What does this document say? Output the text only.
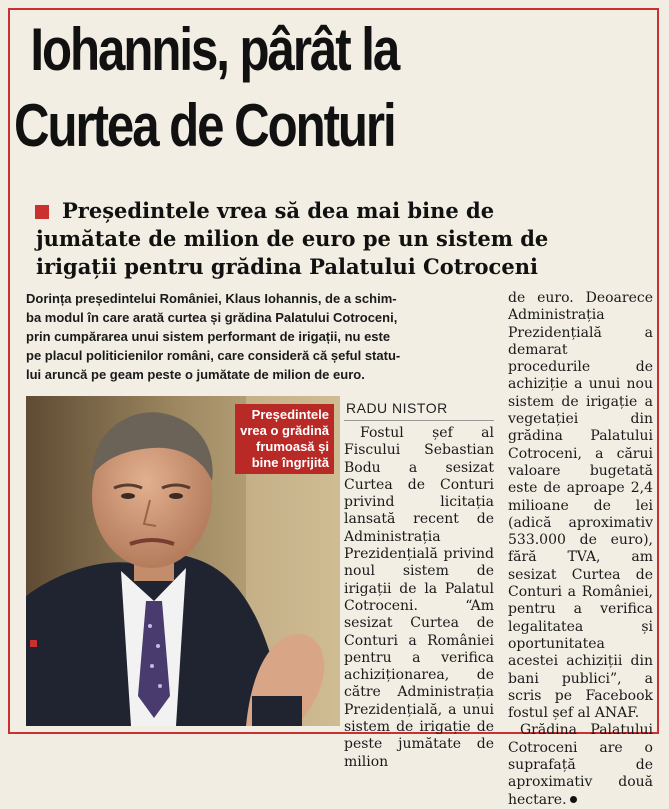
Iohannis, pârât la
Curtea de Conturi
Președintele vrea să dea mai bine de
jumătate de milion de euro pe un sistem de
irigații pentru grădina Palatului Cotroceni
Dorința președintelui României, Klaus Iohannis, de a schim-
ba modul în care arată curtea și grădina Palatului Cotroceni,
prin cumpărarea unui sistem performant de irigații, nu este
pe placul politicienilor români, care consideră că șeful statu-
lui aruncă pe geam peste o jumătate de milion de euro.
Președintele
vrea o grădină
frumoasă și
bine îngrijită
RADU NISTOR

Fostul șef al Fiscului Sebastian Bodu a sesizat Curtea de Conturi privind licitația lansată recent de Administrația Prezidențială privind noul sistem de irigații de la Palatul Cotroceni. “Am sesizat Curtea de Conturi a României pentru a verifica achiziționarea, de către Administrația Prezidențială, a unui sistem de irigație de peste jumătate de milion

de euro. Deoarece Administrația Prezidențială a demarat procedurile de achiziție a unui nou sistem de irigație a vegetației din grădina Palatului Cotroceni, a cărui valoare bugetată este de aproape 2,4 milioane de lei (adică aproximativ 533.000 de euro), fără TVA, am sesizat Curtea de Conturi a României, pentru a verifica legalitatea și oportunitatea acestei achiziții din bani publici”, a scris pe Facebook fostul șef al ANAF.

Grădina Palatului Cotroceni are o suprafață de aproximativ două hectare.
